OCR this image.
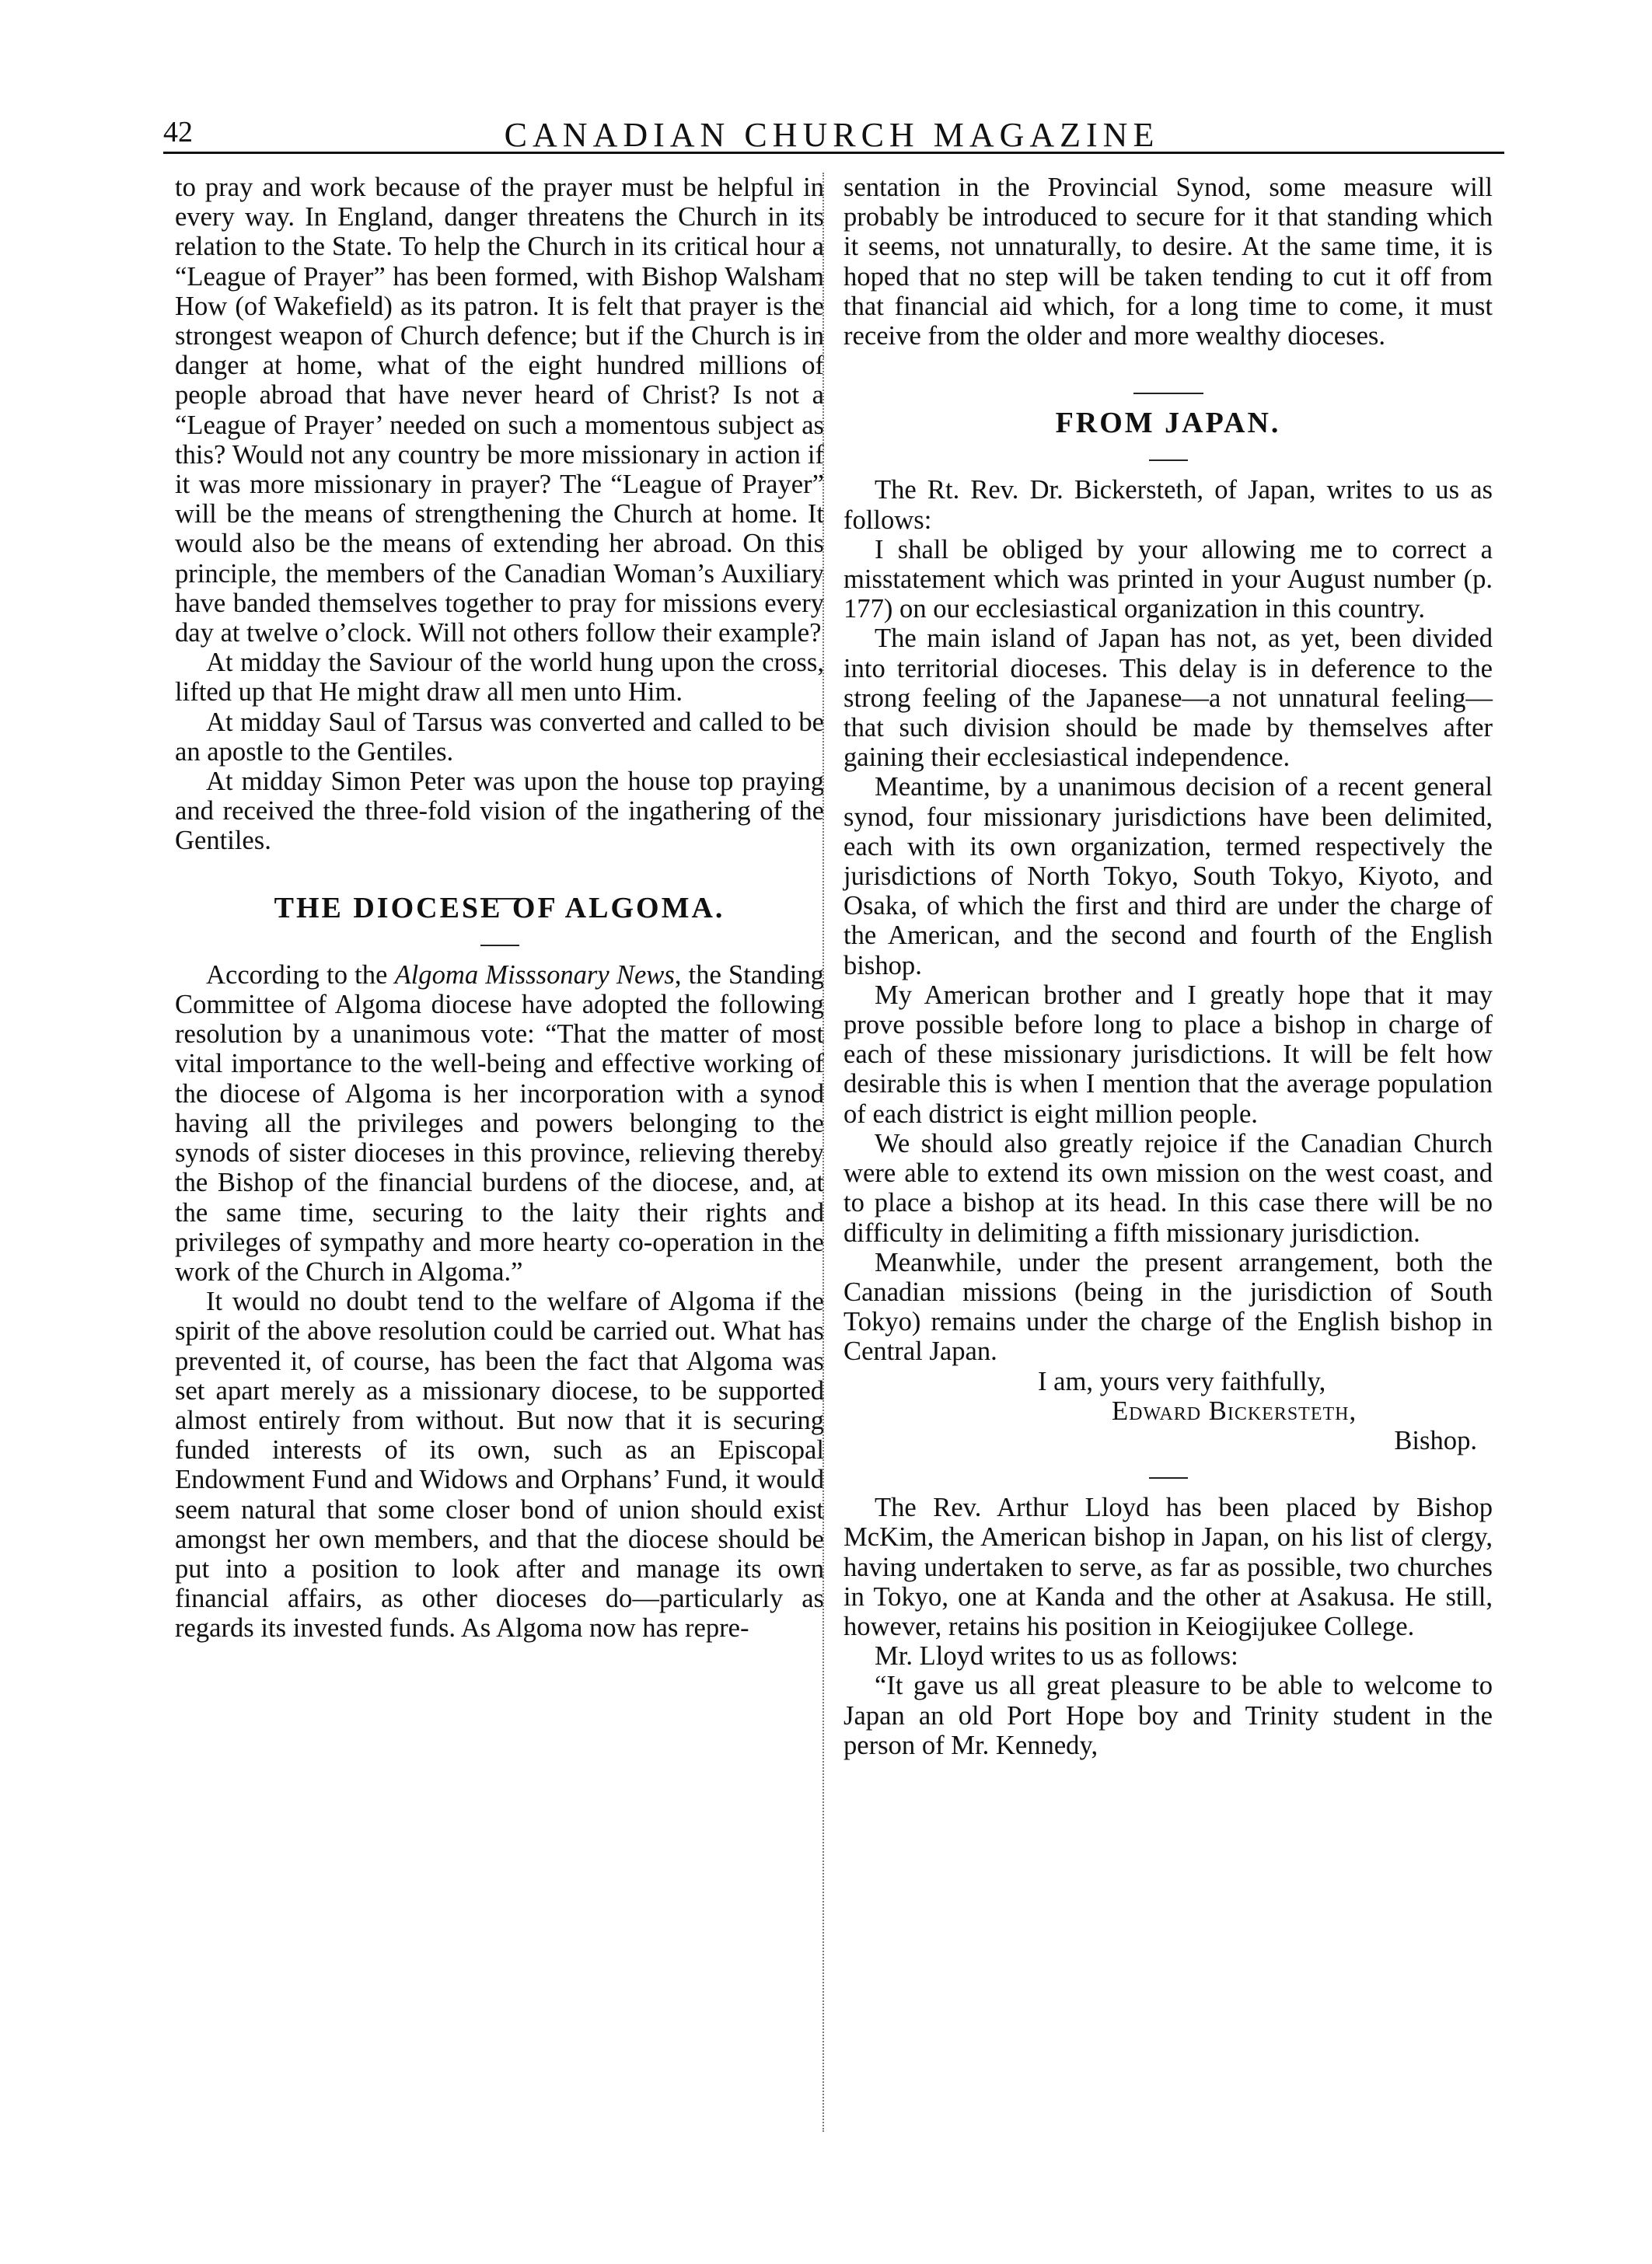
42	CANADIAN CHURCH MAGAZINE

to pray and work because of the prayer must be helpful in every way. In England, danger threatens the Church in its relation to the State. To help the Church in its critical hour a “League of Prayer” has been formed, with Bishop Walsham How (of Wakefield) as its patron. It is felt that prayer is the strongest weapon of Church defence; but if the Church is in danger at home, what of the eight hundred millions of people abroad that have never heard of Christ? Is not a “League of Prayer’ needed on such a momentous subject as this? Would not any country be more missionary in action if it was more missionary in prayer? The “League of Prayer” will be the means of strengthening the Church at home. It would also be the means of extending her abroad. On this principle, the members of the Canadian Woman’s Auxiliary have banded themselves together to pray for missions every day at twelve o’clock. Will not others follow their example?

At midday the Saviour of the world hung upon the cross, lifted up that He might draw all men unto Him.

At midday Saul of Tarsus was converted and called to be an apostle to the Gentiles.

At midday Simon Peter was upon the house top praying and received the three-fold vision of the ingathering of the Gentiles.

THE DIOCESE OF ALGOMA.

According to the Algoma Misssonary News, the Standing Committee of Algoma diocese have adopted the following resolution by a unanimous vote: “That the matter of most vital importance to the well-being and effective working of the diocese of Algoma is her incorporation with a synod having all the privileges and powers belonging to the synods of sister dioceses in this province, relieving thereby the Bishop of the financial burdens of the diocese, and, at the same time, securing to the laity their rights and privileges of sympathy and more hearty co-operation in the work of the Church in Algoma.”

It would no doubt tend to the welfare of Algoma if the spirit of the above resolution could be carried out. What has prevented it, of course, has been the fact that Algoma was set apart merely as a missionary diocese, to be supported almost entirely from without. But now that it is securing funded interests of its own, such as an Episcopal Endowment Fund and Widows and Orphans’ Fund, it would seem natural that some closer bond of union should exist amongst her own members, and that the diocese should be put into a position to look after and manage its own financial affairs, as other dioceses do—particularly as regards its invested funds. As Algoma now has repre-

sentation in the Provincial Synod, some measure will probably be introduced to secure for it that standing which it seems, not unnaturally, to desire. At the same time, it is hoped that no step will be taken tending to cut it off from that financial aid which, for a long time to come, it must receive from the older and more wealthy dioceses.

FROM JAPAN.

The Rt. Rev. Dr. Bickersteth, of Japan, writes to us as follows:

I shall be obliged by your allowing me to correct a misstatement which was printed in your August number (p. 177) on our ecclesiastical organization in this country.

The main island of Japan has not, as yet, been divided into territorial dioceses. This delay is in deference to the strong feeling of the Japanese—a not unnatural feeling—that such division should be made by themselves after gaining their ecclesiastical independence.

Meantime, by a unanimous decision of a recent general synod, four missionary jurisdictions have been delimited, each with its own organization, termed respectively the jurisdictions of North Tokyo, South Tokyo, Kiyoto, and Osaka, of which the first and third are under the charge of the American, and the second and fourth of the English bishop.

My American brother and I greatly hope that it may prove possible before long to place a bishop in charge of each of these missionary jurisdictions. It will be felt how desirable this is when I mention that the average population of each district is eight million people.

We should also greatly rejoice if the Canadian Church were able to extend its own mission on the west coast, and to place a bishop at its head. In this case there will be no difficulty in delimiting a fifth missionary jurisdiction.

Meanwhile, under the present arrangement, both the Canadian missions (being in the jurisdiction of South Tokyo) remains under the charge of the English bishop in Central Japan.

I am, yours very faithfully,

Edward Bickersteth,

Bishop.

The Rev. Arthur Lloyd has been placed by Bishop McKim, the American bishop in Japan, on his list of clergy, having undertaken to serve, as far as possible, two churches in Tokyo, one at Kanda and the other at Asakusa. He still, however, retains his position in Keiogijukee College.

Mr. Lloyd writes to us as follows:

“It gave us all great pleasure to be able to welcome to Japan an old Port Hope boy and Trinity student in the person of Mr. Kennedy,
